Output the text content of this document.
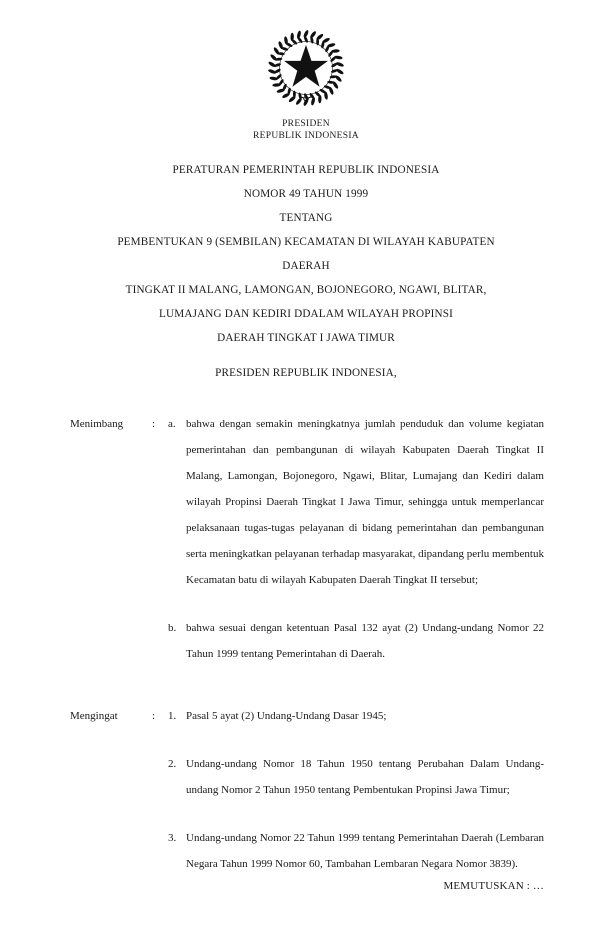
PRESIDEN
REPUBLIK INDONESIA
PERATURAN PEMERINTAH REPUBLIK INDONESIA
NOMOR 49 TAHUN 1999
TENTANG
PEMBENTUKAN 9 (SEMBILAN) KECAMATAN DI WILAYAH KABUPATEN
DAERAH
TINGKAT II MALANG, LAMONGAN, BOJONEGORO, NGAWI, BLITAR,
LUMAJANG DAN KEDIRI DDALAM WILAYAH PROPINSI
DAERAH TINGKAT I JAWA TIMUR
PRESIDEN REPUBLIK INDONESIA,
Menimbang	:	a. bahwa dengan semakin meningkatnya jumlah penduduk dan volume kegiatan pemerintahan dan pembangunan di wilayah Kabupaten Daerah Tingkat II Malang, Lamongan, Bojonegoro, Ngawi, Blitar, Lumajang dan Kediri dalam wilayah Propinsi Daerah Tingkat I Jawa Timur, sehingga untuk memperlancar pelaksanaan tugas-tugas pelayanan di bidang pemerintahan dan pembangunan serta meningkatkan pelayanan terhadap masyarakat, dipandang perlu membentuk Kecamatan batu di wilayah Kabupaten Daerah Tingkat II tersebut;
b. bahwa sesuai dengan ketentuan Pasal 132 ayat (2) Undang-undang Nomor 22 Tahun 1999 tentang Pemerintahan di Daerah.
Mengingat	:	1. Pasal 5 ayat (2) Undang-Undang Dasar 1945;
2. Undang-undang Nomor 18 Tahun 1950 tentang Perubahan Dalam Undang-undang Nomor 2 Tahun 1950 tentang Pembentukan Propinsi Jawa Timur;
3. Undang-undang Nomor 22 Tahun 1999 tentang Pemerintahan Daerah (Lembaran Negara Tahun 1999 Nomor 60, Tambahan Lembaran Negara Nomor 3839).
MEMUTUSKAN : …
